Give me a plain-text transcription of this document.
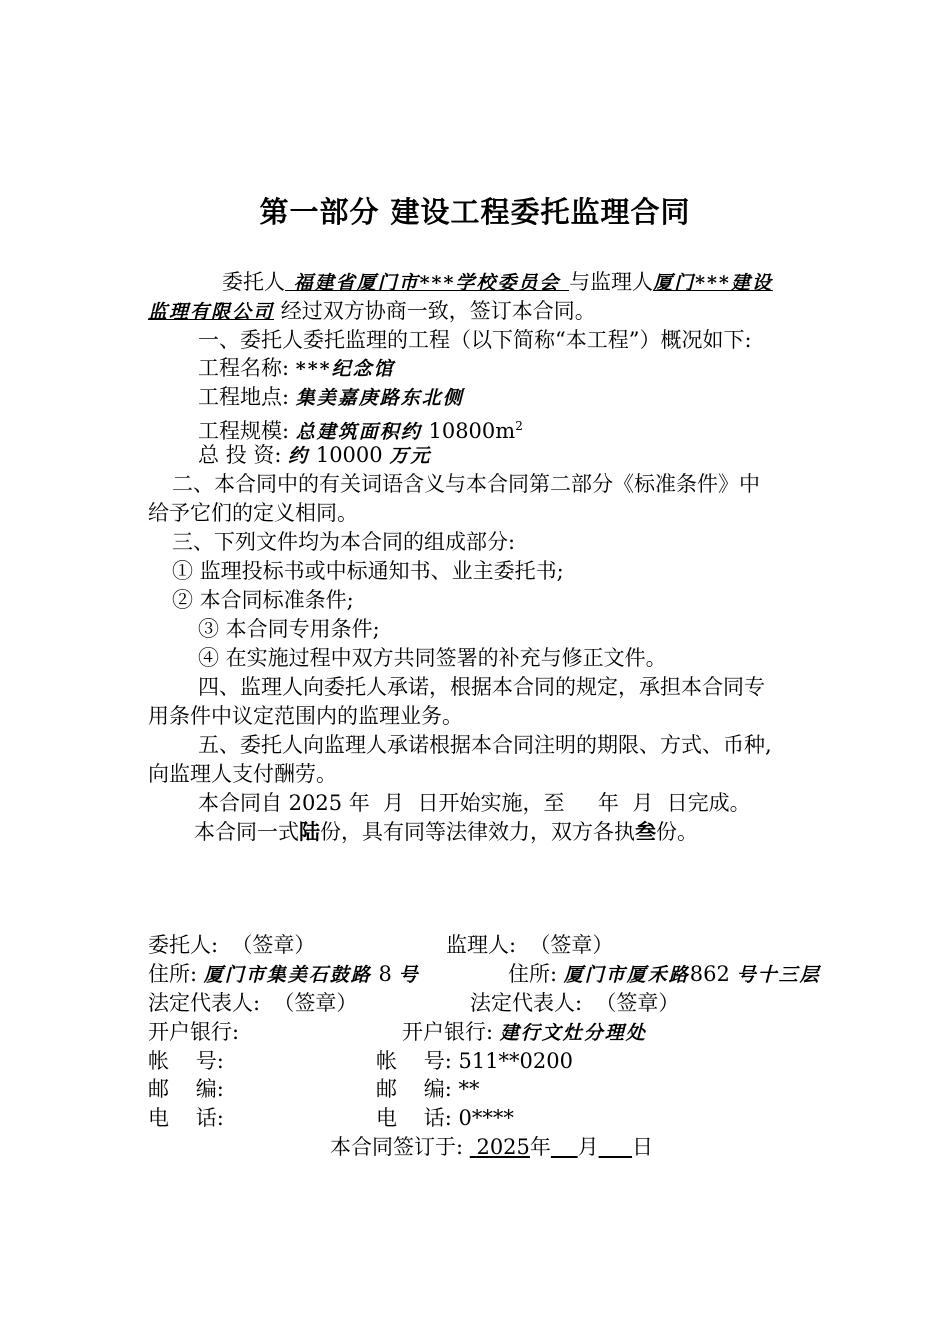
第一部分 建设工程委托监理合同
委托人 福建省厦门市***学校委员会 与监理人厦门***建设
监理有限公司 经过双方协商一致，签订本合同。
一、委托人委托监理的工程（以下简称“本工程”）概况如下:
工程名称: ***纪念馆
工程地点: 集美嘉庚路东北侧
工程规模: 总建筑面积约 $10800m^2$
总 投 资: 约 10000 万元
二、本合同中的有关词语含义与本合同第二部分《标准条件》中
给予它们的定义相同。
三、下列文件均为本合同的组成部分:
① 监理投标书或中标通知书、业主委托书;
② 本合同标准条件;
③ 本合同专用条件;
④ 在实施过程中双方共同签署的补充与修正文件。
四、监理人向委托人承诺，根据本合同的规定，承担本合同专
用条件中议定范围内的监理业务。
五、委托人向监理人承诺根据本合同注明的期限、方式、币种,
向监理人支付酬劳。
本合同自 2025 年  月  日开始实施，至     年  月  日完成。
本合同一式陆份，具有同等法律效力，双方各执叁份。
委托人:  （签章）	监理人:  （签章）
住所: 厦门市集美石鼓路 8 号	住所: 厦门市厦禾路862 号十三层
法定代表人:  （签章）	法定代表人:  （签章）
开户银行:	开户银行: 建行文灶分理处
帐    号:	帐    号: 511**0200
邮    编:	邮    编: **
电    话:	电    话: 0****
本合同签订于: 2025年 月 日
